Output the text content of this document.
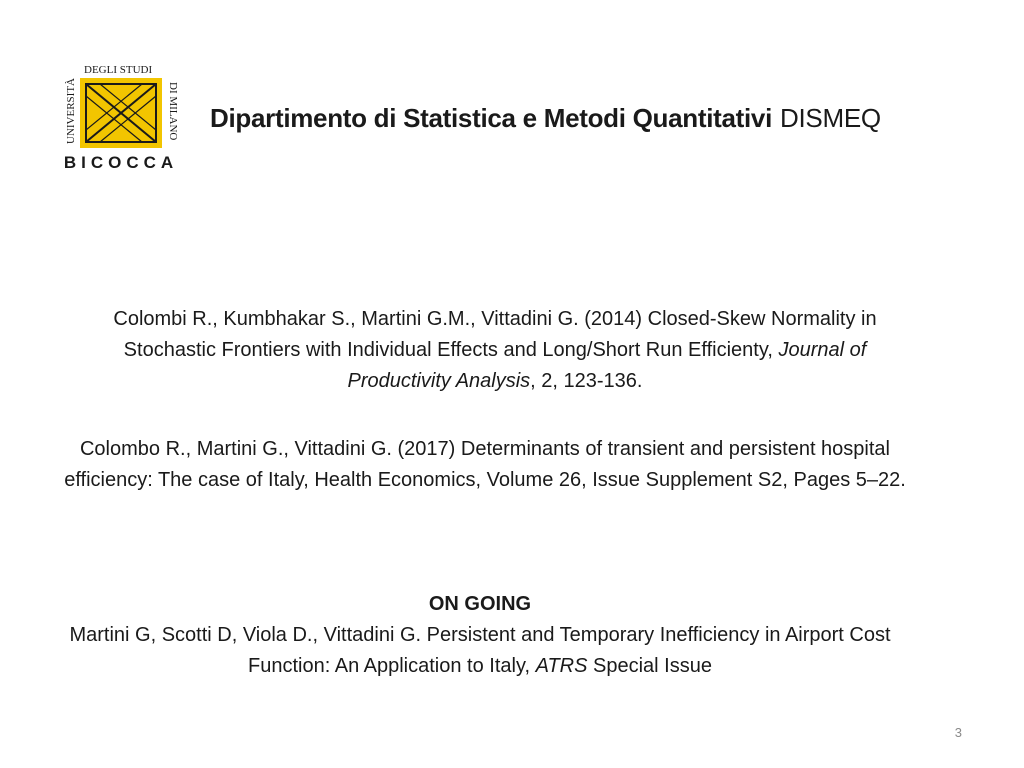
UNIVERSITÀ	DI MILANO
DEGLI STUDI
BICOCCA
Dipartimento di Statistica e Metodi Quantitativi DISMEQ
Colombi R., Kumbhakar S., Martini G.M., Vittadini G. (2014) Closed-Skew Normality in Stochastic Frontiers with Individual Effects and Long/Short Run Efficienty, Journal of Productivity Analysis, 2, 123-136.
Colombo R., Martini G., Vittadini G. (2017) Determinants of transient and persistent hospital efficiency: The case of Italy, Health Economics, Volume 26, Issue Supplement S2, Pages 5–22.
ON GOING
Martini G, Scotti D, Viola D., Vittadini G. Persistent and Temporary Inefficiency in Airport Cost Function: An Application to Italy, ATRS Special Issue
3
